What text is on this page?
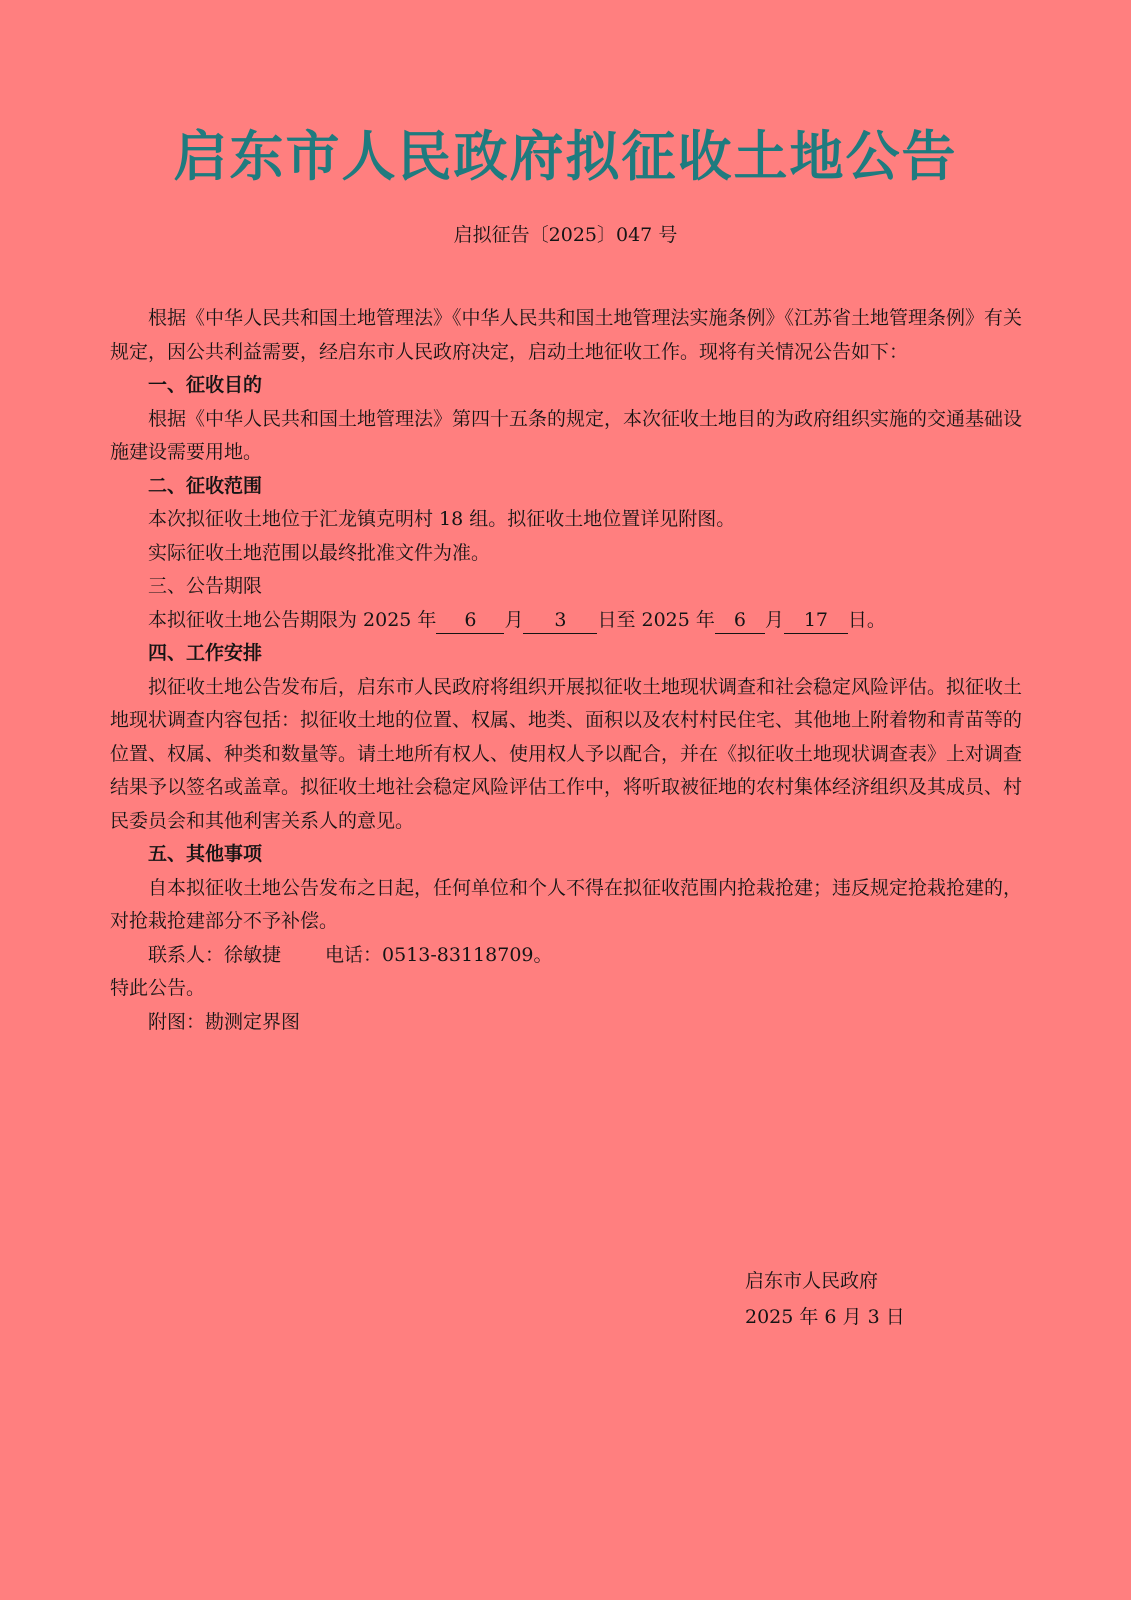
启东市人民政府拟征收土地公告
启拟征告〔2025〕047 号

根据《中华人民共和国土地管理法》《中华人民共和国土地管理法实施条例》《江苏省土地管理条例》有关规定，因公共利益需要，经启东市人民政府决定，启动土地征收工作。现将有关情况公告如下：

一、征收目的

根据《中华人民共和国土地管理法》第四十五条的规定，本次征收土地目的为政府组织实施的交通基础设施建设需要用地。

二、征收范围

本次拟征收土地位于汇龙镇克明村 18 组。拟征收土地位置详见附图。

实际征收土地范围以最终批准文件为准。

三、公告期限

本拟征收土地公告期限为 2025 年 6 月 3 日至 2025 年 6 月 17 日。

四、工作安排

拟征收土地公告发布后，启东市人民政府将组织开展拟征收土地现状调查和社会稳定风险评估。拟征收土地现状调查内容包括：拟征收土地的位置、权属、地类、面积以及农村村民住宅、其他地上附着物和青苗等的位置、权属、种类和数量等。请土地所有权人、使用权人予以配合，并在《拟征收土地现状调查表》上对调查结果予以签名或盖章。拟征收土地社会稳定风险评估工作中，将听取被征地的农村集体经济组织及其成员、村民委员会和其他利害关系人的意见。

五、其他事项

自本拟征收土地公告发布之日起，任何单位和个人不得在拟征收范围内抢栽抢建；违反规定抢栽抢建的，对抢栽抢建部分不予补偿。

联系人：徐敏捷 电话：0513-83118709。

特此公告。

附图：勘测定界图

启东市人民政府
2025 年 6 月 3 日
